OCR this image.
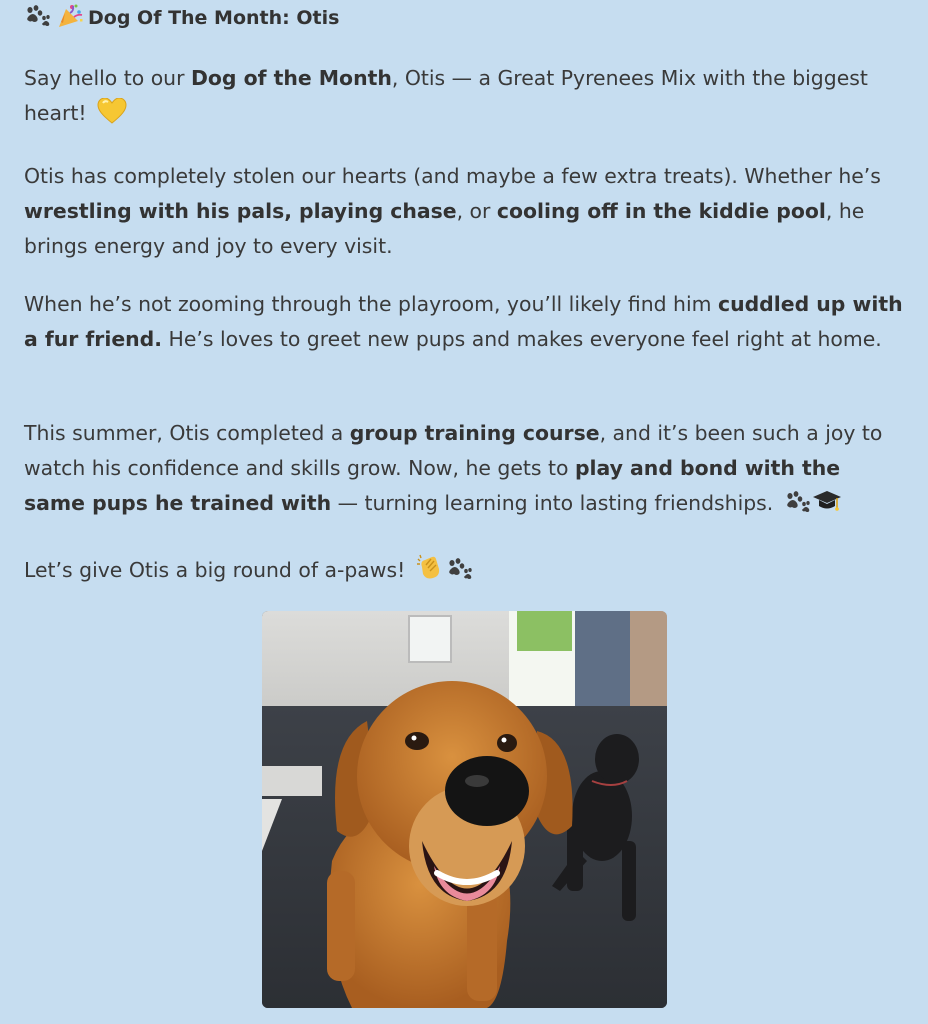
Dog Of The Month: Otis

Say hello to our Dog of the Month, Otis — a Great Pyrenees Mix with the biggest heart!

Otis has completely stolen our hearts (and maybe a few extra treats). Whether he’s wrestling with his pals, playing chase, or cooling off in the kiddie pool, he brings energy and joy to every visit.

When he’s not zooming through the playroom, you’ll likely find him cuddled up with a fur friend. He’s loves to greet new pups and makes everyone feel right at home.

This summer, Otis completed a group training course, and it’s been such a joy to watch his confidence and skills grow. Now, he gets to play and bond with the same pups he trained with — turning learning into lasting friendships.

Let’s give Otis a big round of a-paws!
